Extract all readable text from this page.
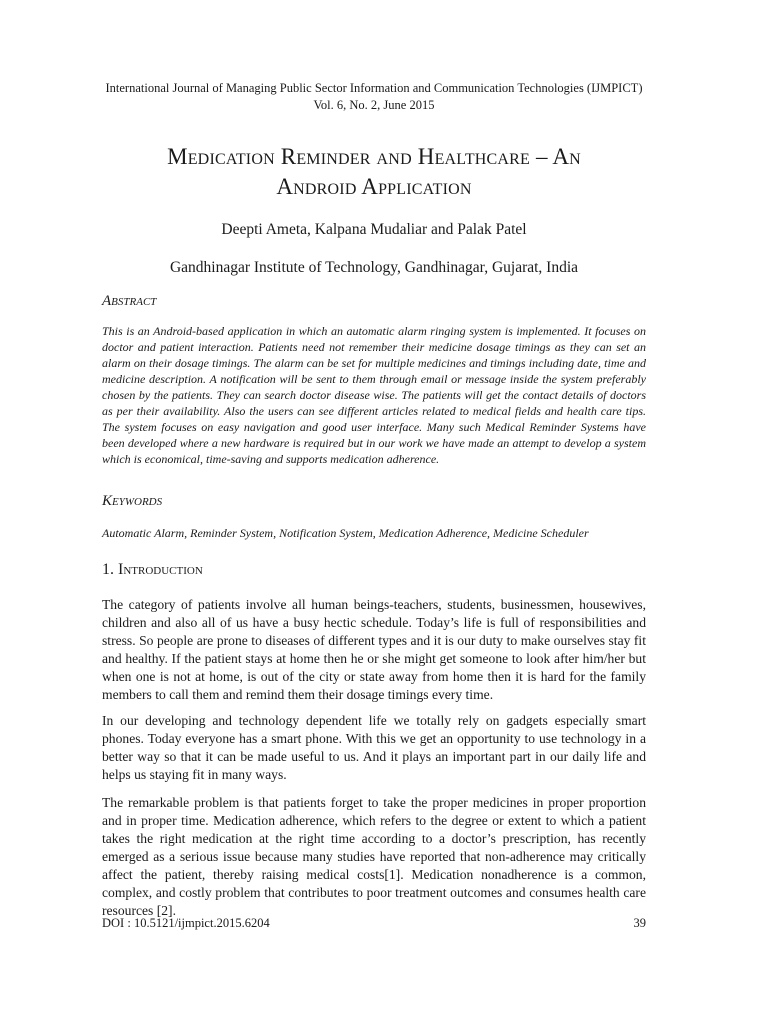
International Journal of Managing Public Sector Information and Communication Technologies (IJMPICT)
Vol. 6, No. 2, June 2015
Medication Reminder and Healthcare – An
Android Application
Deepti Ameta, Kalpana Mudaliar and Palak Patel
Gandhinagar Institute of Technology, Gandhinagar, Gujarat, India
Abstract
This is an Android-based application in which an automatic alarm ringing system is implemented. It focuses on doctor and patient interaction. Patients need not remember their medicine dosage timings as they can set an alarm on their dosage timings. The alarm can be set for multiple medicines and timings including date, time and medicine description. A notification will be sent to them through email or message inside the system preferably chosen by the patients. They can search doctor disease wise. The patients will get the contact details of doctors as per their availability. Also the users can see different articles related to medical fields and health care tips. The system focuses on easy navigation and good user interface. Many such Medical Reminder Systems have been developed where a new hardware is required but in our work we have made an attempt to develop a system which is economical, time-saving and supports medication adherence.
Keywords
Automatic Alarm, Reminder System, Notification System, Medication Adherence, Medicine Scheduler
1. Introduction
The category of patients involve all human beings-teachers, students, businessmen, housewives, children and also all of us have a busy hectic schedule. Today’s life is full of responsibilities and stress. So people are prone to diseases of different types and it is our duty to make ourselves stay fit and healthy. If the patient stays at home then he or she might get someone to look after him/her but when one is not at home, is out of the city or state away from home then it is hard for the family members to call them and remind them their dosage timings every time.
In our developing and technology dependent life we totally rely on gadgets especially smart phones. Today everyone has a smart phone. With this we get an opportunity to use technology in a better way so that it can be made useful to us. And it plays an important part in our daily life and helps us staying fit in many ways.
The remarkable problem is that patients forget to take the proper medicines in proper proportion and in proper time. Medication adherence, which refers to the degree or extent to which a patient takes the right medication at the right time according to a doctor’s prescription, has recently emerged as a serious issue because many studies have reported that non-adherence may critically affect the patient, thereby raising medical costs[1]. Medication nonadherence is a common, complex, and costly problem that contributes to poor treatment outcomes and consumes health care resources [2].
DOI : 10.5121/ijmpict.2015.6204	39
